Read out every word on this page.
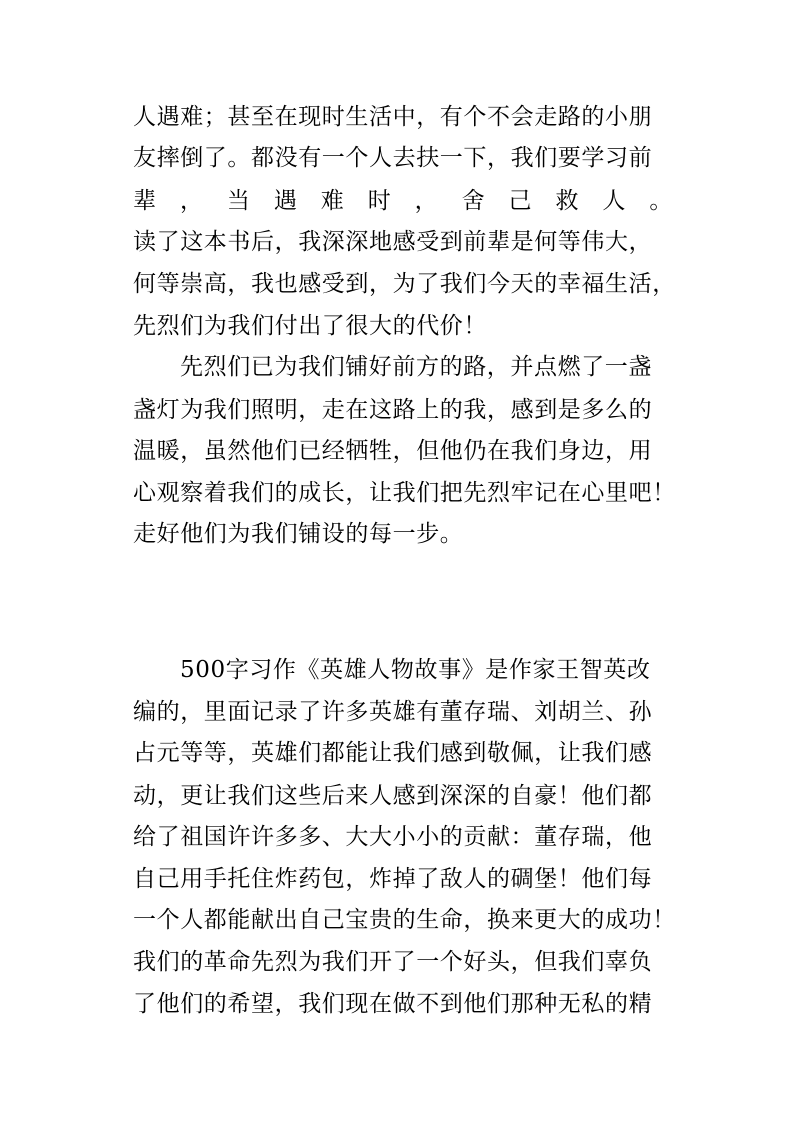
人遇难；甚至在现时生活中，有个不会走路的小朋
友摔倒了。都没有一个人去扶一下，我们要学习前
辈 ， 当 遇 难 时 ， 舍 己 救 人 。
读了这本书后，我深深地感受到前辈是何等伟大，
何等崇高，我也感受到，为了我们今天的幸福生活，
先烈们为我们付出了很大的代价！
先烈们已为我们铺好前方的路，并点燃了一盏
盏灯为我们照明，走在这路上的我，感到是多么的
温暖，虽然他们已经牺牲，但他仍在我们身边，用
心观察着我们的成长，让我们把先烈牢记在心里吧！
走好他们为我们铺设的每一步。
500字习作《英雄人物故事》是作家王智英改
编的，里面记录了许多英雄有董存瑞、刘胡兰、孙
占元等等，英雄们都能让我们感到敬佩，让我们感
动，更让我们这些后来人感到深深的自豪！他们都
给了祖国许许多多、大大小小的贡献：董存瑞，他
自己用手托住炸药包，炸掉了敌人的碉堡！他们每
一个人都能献出自己宝贵的生命，换来更大的成功！
我们的革命先烈为我们开了一个好头，但我们辜负
了他们的希望，我们现在做不到他们那种无私的精
